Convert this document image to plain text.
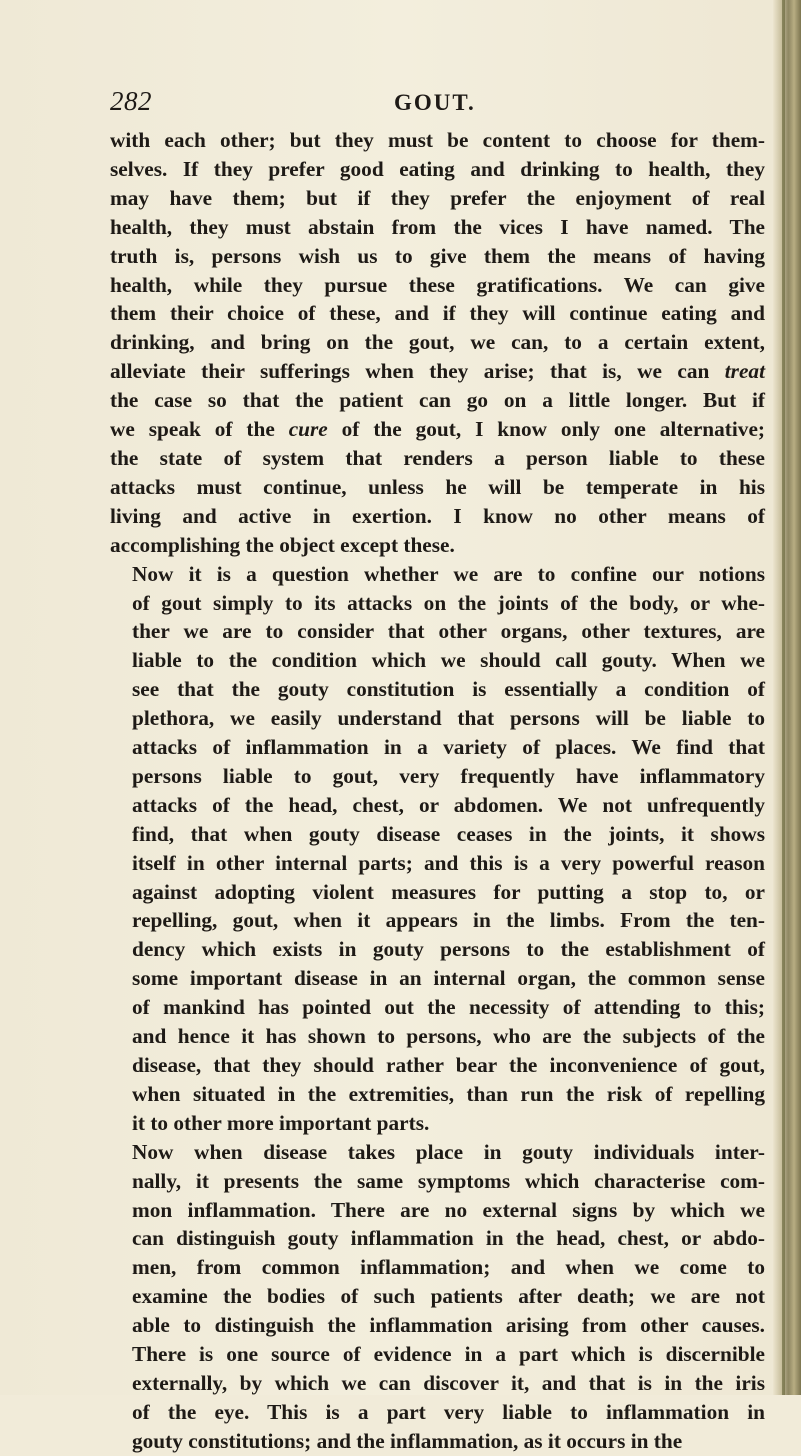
282	GOUT.
with each other; but they must be content to choose for them-
selves. If they prefer good eating and drinking to health, they
may have them; but if they prefer the enjoyment of real
health, they must abstain from the vices I have named. The
truth is, persons wish us to give them the means of having
health, while they pursue these gratifications. We can give
them their choice of these, and if they will continue eating and
drinking, and bring on the gout, we can, to a certain extent,
alleviate their sufferings when they arise; that is, we can treat
the case so that the patient can go on a little longer. But if
we speak of the cure of the gout, I know only one alternative;
the state of system that renders a person liable to these
attacks must continue, unless he will be temperate in his
living and active in exertion. I know no other means of
accomplishing the object except these.
Now it is a question whether we are to confine our notions
of gout simply to its attacks on the joints of the body, or whe-
ther we are to consider that other organs, other textures, are
liable to the condition which we should call gouty. When we
see that the gouty constitution is essentially a condition of
plethora, we easily understand that persons will be liable to
attacks of inflammation in a variety of places. We find that
persons liable to gout, very frequently have inflammatory
attacks of the head, chest, or abdomen. We not unfrequently
find, that when gouty disease ceases in the joints, it shows
itself in other internal parts; and this is a very powerful reason
against adopting violent measures for putting a stop to, or
repelling, gout, when it appears in the limbs. From the ten-
dency which exists in gouty persons to the establishment of
some important disease in an internal organ, the common sense
of mankind has pointed out the necessity of attending to this;
and hence it has shown to persons, who are the subjects of the
disease, that they should rather bear the inconvenience of gout,
when situated in the extremities, than run the risk of repelling
it to other more important parts.
Now when disease takes place in gouty individuals inter-
nally, it presents the same symptoms which characterise com-
mon inflammation. There are no external signs by which we
can distinguish gouty inflammation in the head, chest, or abdo-
men, from common inflammation; and when we come to
examine the bodies of such patients after death; we are not
able to distinguish the inflammation arising from other causes.
There is one source of evidence in a part which is discernible
externally, by which we can discover it, and that is in the iris
of the eye. This is a part very liable to inflammation in
gouty constitutions; and the inflammation, as it occurs in the
